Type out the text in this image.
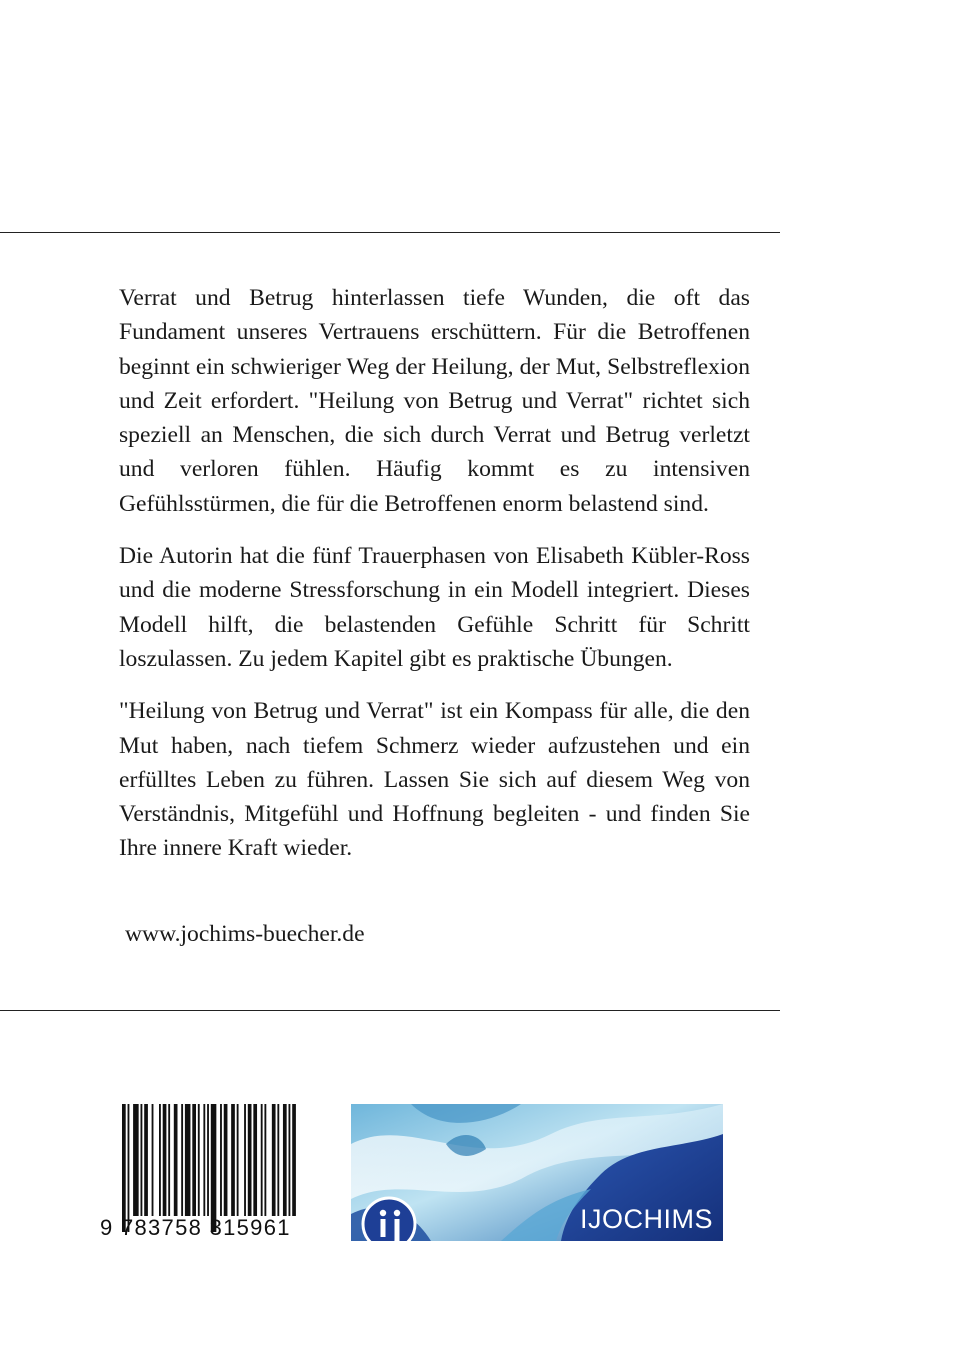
Verrat und Betrug hinterlassen tiefe Wunden, die oft das Fundament unseres Vertrauens erschüttern. Für die Betroffenen beginnt ein schwieriger Weg der Heilung, der Mut, Selbstreflexion und Zeit erfordert. "Heilung von Betrug und Verrat" richtet sich speziell an Menschen, die sich durch Verrat und Betrug verletzt und verloren fühlen. Häufig kommt es zu intensiven Gefühlsstürmen, die für die Betroffenen enorm belastend sind.

Die Autorin hat die fünf Trauerphasen von Elisabeth Kübler-Ross und die moderne Stressforschung in ein Modell integriert. Dieses Modell hilft, die belastenden Gefühle Schritt für Schritt loszulassen. Zu jedem Kapitel gibt es praktische Übungen.

"Heilung von Betrug und Verrat" ist ein Kompass für alle, die den Mut haben, nach tiefem Schmerz wieder aufzustehen und ein erfülltes Leben zu führen. Lassen Sie sich auf diesem Weg von Verständnis, Mitgefühl und Hoffnung begleiten - und finden Sie Ihre innere Kraft wieder.

www.jochims-buecher.de
9 783758 315961	IJOCHIMS
